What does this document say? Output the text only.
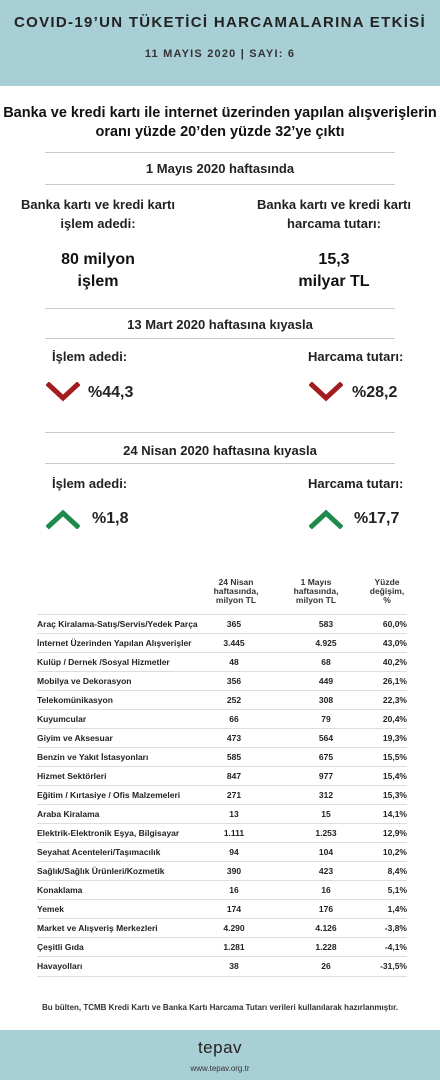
COVID-19’UN TÜKETİCİ HARCAMALARINA ETKİSİ
11 MAYIS 2020 | SAYI: 6
Banka ve kredi kartı ile internet üzerinden yapılan alışverişlerin
oranı yüzde 20’den yüzde 32’ye çıktı
1 Mayıs 2020 haftasında
Banka kartı ve kredi kartı
işlem adedi:
80 milyon
işlem
Banka kartı ve kredi kartı
harcama tutarı:
15,3
milyar TL
13 Mart 2020 haftasına kıyasla
İşlem adedi:	Harcama tutarı:
%44,3	%28,2
24 Nisan 2020 haftasına kıyasla
İşlem adedi:	Harcama tutarı:
%1,8	%17,7
24 Nisan
haftasında,
milyon TL
1 Mayıs
haftasında,
milyon TL
Yüzde
değişim,
%
Araç Kiralama-Satış/Servis/Yedek Parça	365	583	60,0%
İnternet Üzerinden Yapılan Alışverişler	3.445	4.925	43,0%
Kulüp / Dernek /Sosyal Hizmetler	48	68	40,2%
Mobilya ve Dekorasyon	356	449	26,1%
Telekomünikasyon	252	308	22,3%
Kuyumcular	66	79	20,4%
Giyim ve Aksesuar	473	564	19,3%
Benzin ve Yakıt İstasyonları	585	675	15,5%
Hizmet Sektörleri	847	977	15,4%
Eğitim / Kırtasiye / Ofis Malzemeleri	271	312	15,3%
Araba Kiralama	13	15	14,1%
Elektrik-Elektronik Eşya, Bilgisayar	1.111	1.253	12,9%
Seyahat Acenteleri/Taşımacılık	94	104	10,2%
Sağlık/Sağlık Ürünleri/Kozmetik	390	423	8,4%
Konaklama	16	16	5,1%
Yemek	174	176	1,4%
Market ve Alışveriş Merkezleri	4.290	4.126	-3,8%
Çeşitli Gıda	1.281	1.228	-4,1%
Havayolları	38	26	-31,5%
Bu bülten, TCMB Kredi Kartı ve Banka Kartı Harcama Tutarı verileri kullanılarak hazırlanmıştır.
tepav
www.tepav.org.tr
